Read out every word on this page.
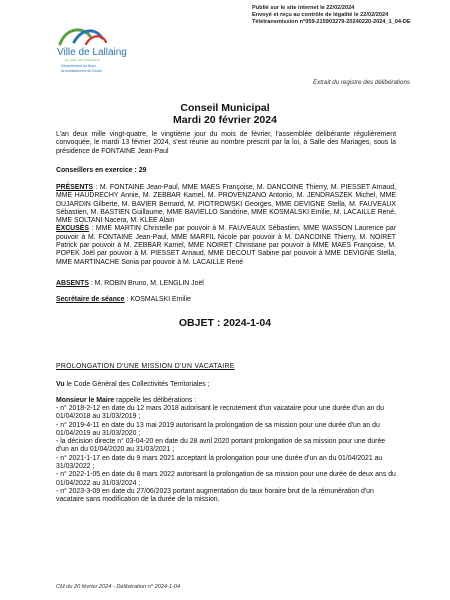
Publié sur le site internet le 22/02/2024
Envoyé et reçu au contrôle de légalité le 22/02/2024
Télétransmission n°059-215903279-20240220-2024_1_04-DE
Ville de Lallaing
au cœur de l'Ostrevent
Département du Nord
Arrondissement de Douai
Extrait du registre des délibérations
Conseil Municipal
Mardi 20 février 2024
L'an deux mille vingt-quatre, le vingtième jour du mois de février, l'assemblée délibérante régulièrement convoquée, le mardi 13 février 2024, s'est réunie au nombre prescrit par la loi, à Salle des Mariages, sous la présidence de FONTAINE Jean-Paul
Conseillers en exercice : 29
PRÉSENTS : M. FONTAINE Jean-Paul, MME MAES Françoise, M. DANCOINE Thierry, M. PIESSET Arnaud, MME HAUDRECHY Annie, M. ZEBBAR Kamel, M. PROVENZANO Antonio, M. JENDRASZEK Michel, MME DUJARDIN Gilberte, M. BAVIER Bernard, M. PIOTROWSKI Georges, MME DEVIGNE Stella, M. FAUVEAUX Sébastien, M. BASTIEN Guillaume, MME BAVIELLO Sandrine, MME KOSMALSKI Emilie, M. LACAILLE René, MME SOLTANI Nacera, M. KLEE Alain
EXCUSÉS : MME MARTIN Christelle par pouvoir à M. FAUVEAUX Sébastien, MME WASSON Laurence par pouvoir à M. FONTAINE Jean-Paul, MME MARFIL Nicole par pouvoir à M. DANCOINE Thierry, M. NOIRET Patrick par pouvoir à M. ZEBBAR Kamel, MME NOIRET Christiane par pouvoir à MME MAES Françoise, M. POPEK Joël par pouvoir à M. PIESSET Arnaud, MME DECOUT Sabine par pouvoir à MME DEVIGNE Stella, MME MARTINACHE Sonia par pouvoir à M. LACAILLE René
ABSENTS : M. ROBIN Bruno, M. LENGLIN Joël
Secrétaire de séance : KOSMALSKI Emilie
OBJET : 2024-1-04
PROLONGATION D'UNE MISSION D'UN VACATAIRE
Vu le Code Général des Collectivités Territoriales ;
Monsieur le Maire rappelle les délibérations :
- n° 2018-2-12 en date du 12 mars 2018 autorisant le recrutement d'un vacataire pour une durée d'un an du 01/04/2018 au 31/03/2019 ;
- n° 2019-4-11 en date du 13 mai 2019 autorisant la prolongation de sa mission pour une durée d'un an du 01/04/2019 au 31/03/2020 ;
- la décision directe n° 03-04-20 en date du 28 avril 2020 portant prolongation de sa mission pour une durée d'un an du 01/04/2020 au 31/03/2021 ;
- n° 2021-1-17 en date du 9 mars 2021 acceptant la prolongation pour une durée d'un an du 01/04/2021 au 31/03/2022 ;
- n° 2022-1-05 en date du 8 mars 2022 autorisant la prolongation de sa mission pour une durée de deux ans du 01/04/2022 au 31/03/2024 ;
- n° 2023-3-09 en date du 27/06/2023 portant augmentation du taux horaire brut de la rémunération d'un vacataire sans modification de la durée de la mission.
CM du 20 février 2024 - Délibération n° 2024-1-04
